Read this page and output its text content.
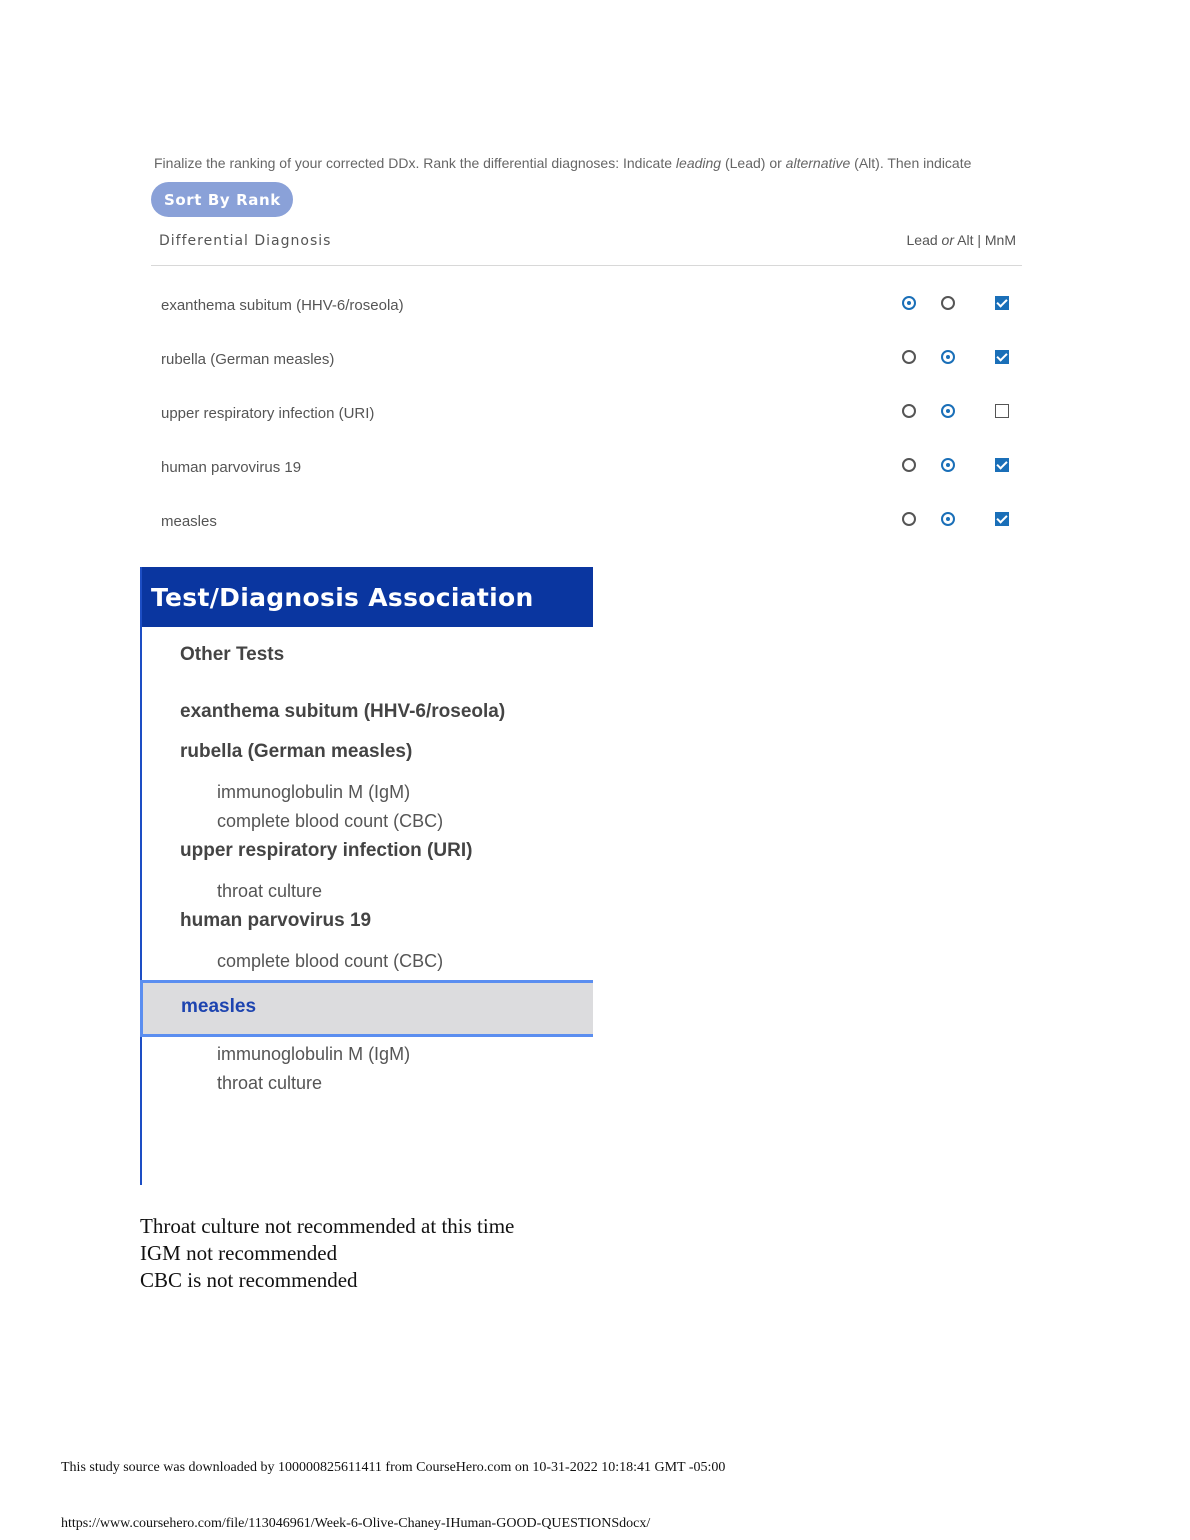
Finalize the ranking of your corrected DDx. Rank the differential diagnoses: Indicate leading (Lead) or alternative (Alt). Then indicate
Sort By Rank
Differential Diagnosis	Lead or Alt | MnM
exanthema subitum (HHV-6/roseola)
rubella (German measles)
upper respiratory infection (URI)
human parvovirus 19
measles
Test/Diagnosis Association
Other Tests
exanthema subitum (HHV-6/roseola)
rubella (German measles)
immunoglobulin M (IgM)
complete blood count (CBC)
upper respiratory infection (URI)
throat culture
human parvovirus 19
complete blood count (CBC)
measles
immunoglobulin M (IgM)
throat culture
Throat culture not recommended at this time
IGM not recommended
CBC is not recommended
This study source was downloaded by 100000825611411 from CourseHero.com on 10-31-2022 10:18:41 GMT -05:00
https://www.coursehero.com/file/113046961/Week-6-Olive-Chaney-IHuman-GOOD-QUESTIONSdocx/
